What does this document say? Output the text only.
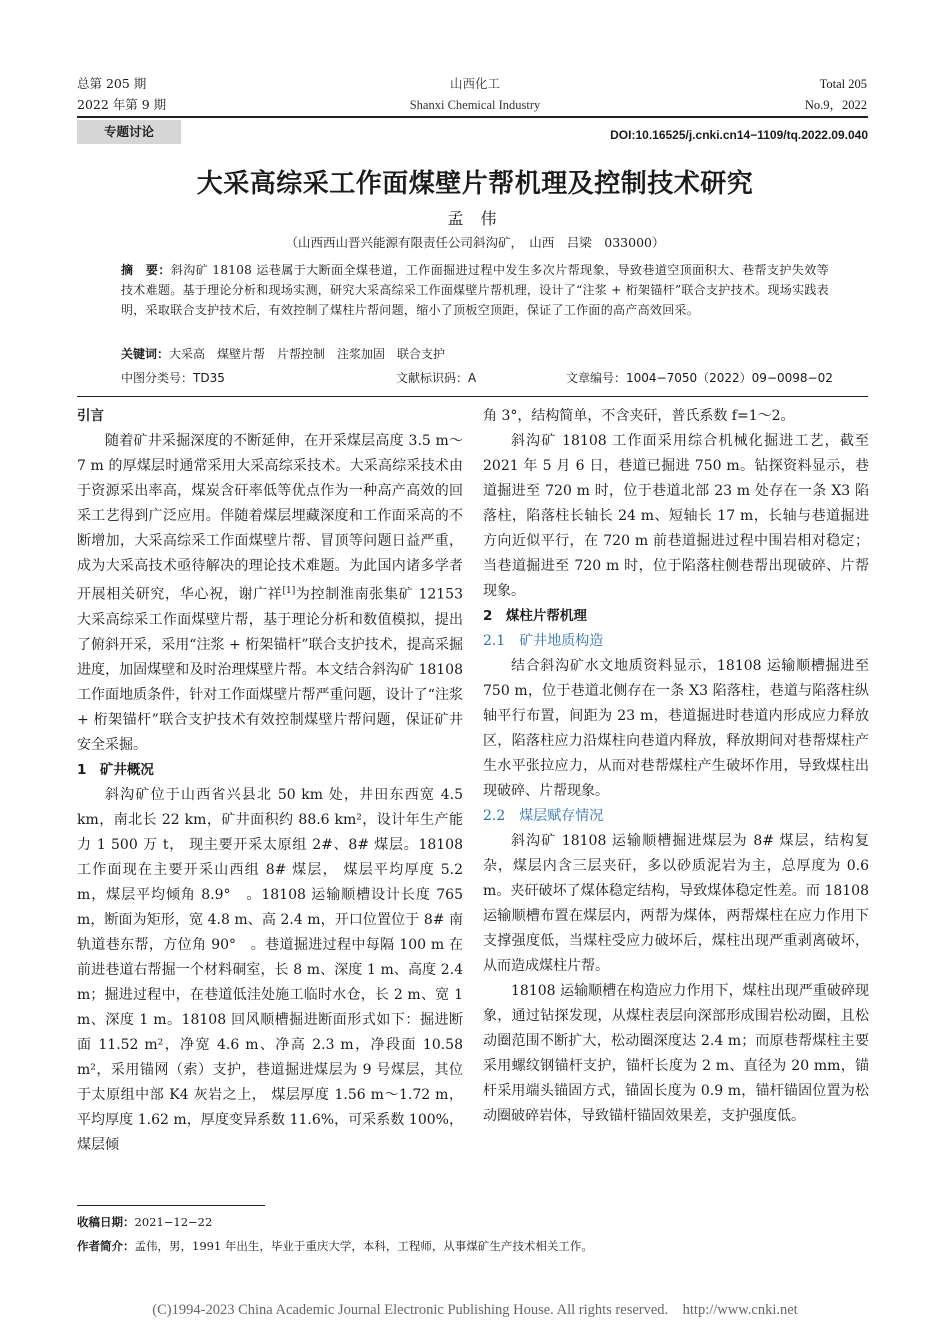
总第 205 期
2022 年第 9 期
山西化工
Shanxi Chemical Industry
Total 205
No.9，2022
专题讨论	DOI:10.16525/j.cnki.cn14−1109/tq.2022.09.040
大采高综采工作面煤壁片帮机理及控制技术研究
孟 伟
（山西西山晋兴能源有限责任公司斜沟矿，　山西　吕梁　033000）
摘　要：斜沟矿 18108 运巷属于大断面全煤巷道，工作面掘进过程中发生多次片帮现象，导致巷道空顶面积大、巷帮支护失效等技术难题。基于理论分析和现场实测，研究大采高综采工作面煤壁片帮机理，设计了“注浆 + 桁架锚杆”联合支护技术。现场实践表明，采取联合支护技术后，有效控制了煤柱片帮问题，缩小了顶板空顶距，保证了工作面的高产高效回采。
关键词：大采高　煤壁片帮　片帮控制　注浆加固　联合支护
中图分类号：TD35	文献标识码：A	文章编号：1004−7050（2022）09−0098−02
引言

随着矿井采掘深度的不断延伸，在开采煤层高度 3.5 m～7 m 的厚煤层时通常采用大采高综采技术。大采高综采技术由于资源采出率高，煤炭含矸率低等优点作为一种高产高效的回采工艺得到广泛应用。伴随着煤层埋藏深度和工作面采高的不断增加，大采高综采工作面煤壁片帮、冒顶等问题日益严重，成为大采高技术亟待解决的理论技术难题。为此国内诸多学者开展相关研究，华心祝，谢广祥[1]为控制淮南张集矿 12153 大采高综采工作面煤壁片帮，基于理论分析和数值模拟，提出了俯斜开采，采用“注浆 + 桁架锚杆”联合支护技术，提高采掘进度，加固煤壁和及时治理煤壁片帮。本文结合斜沟矿 18108 工作面地质条件，针对工作面煤壁片帮严重问题，设计了“注浆 + 桁架锚杆”联合支护技术有效控制煤壁片帮问题，保证矿井安全采掘。

1　矿井概况

斜沟矿位于山西省兴县北 50 km 处，井田东西宽 4.5 km，南北长 22 km，矿井面积约 88.6 km²，设计年生产能力 1 500 万 t， 现主要开采太原组 2#、8# 煤层。18108 工作面现在主要开采山西组 8# 煤层， 煤层平均厚度 5.2 m，煤层平均倾角 8.9°　。18108 运输顺槽设计长度 765 m，断面为矩形，宽 4.8 m、高 2.4 m，开口位置位于 8# 南轨道巷东帮，方位角 90°　。巷道掘进过程中每隔 100 m 在前进巷道右帮掘一个材料硐室，长 8 m、深度 1 m、高度 2.4 m；掘进过程中，在巷道低洼处施工临时水仓，长 2 m、宽 1 m、深度 1 m。18108 回风顺槽掘进断面形式如下：掘进断面 11.52 m²，净宽 4.6 m、净高 2.3 m，净段面 10.58 m²，采用锚网（索）支护，巷道掘进煤层为 9 号煤层，其位于太原组中部 K4 灰岩之上， 煤层厚度 1.56 m～1.72 m， 平均厚度 1.62 m，厚度变异系数 11.6%，可采系数 100%，煤层倾

角 3°，结构简单，不含夹矸，普氏系数 f=1～2。

斜沟矿 18108 工作面采用综合机械化掘进工艺，截至 2021 年 5 月 6 日，巷道已掘进 750 m。钻探资料显示，巷道掘进至 720 m 时，位于巷道北部 23 m 处存在一条 X3 陷落柱，陷落柱长轴长 24 m、短轴长 17 m，长轴与巷道掘进方向近似平行，在 720 m 前巷道掘进过程中围岩相对稳定；当巷道掘进至 720 m 时，位于陷落柱侧巷帮出现破碎、片帮现象。

2　煤柱片帮机理
2.1　矿井地质构造

结合斜沟矿水文地质资料显示，18108 运输顺槽掘进至 750 m，位于巷道北侧存在一条 X3 陷落柱，巷道与陷落柱纵轴平行布置，间距为 23 m，巷道掘进时巷道内形成应力释放区，陷落柱应力沿煤柱向巷道内释放，释放期间对巷帮煤柱产生水平张拉应力，从而对巷帮煤柱产生破坏作用，导致煤柱出现破碎、片帮现象。

2.2　煤层赋存情况

斜沟矿 18108 运输顺槽掘进煤层为 8# 煤层，结构复杂，煤层内含三层夹矸，多以砂质泥岩为主，总厚度为 0.6 m。夹矸破坏了煤体稳定结构，导致煤体稳定性差。而 18108 运输顺槽布置在煤层内，两帮为煤体，两帮煤柱在应力作用下支撑强度低，当煤柱受应力破坏后，煤柱出现严重剥离破坏，从而造成煤柱片帮。

18108 运输顺槽在构造应力作用下，煤柱出现严重破碎现象，通过钻探发现，从煤柱表层向深部形成围岩松动圈，且松动圈范围不断扩大，松动圈深度达 2.4 m；而原巷帮煤柱主要采用螺纹钢锚杆支护，锚杆长度为 2 m、直径为 20 mm，锚杆采用端头锚固方式，锚固长度为 0.9 m，锚杆锚固位置为松动圈破碎岩体，导致锚杆锚固效果差，支护强度低。

收稿日期：2021−12−22
作者简介：孟伟，男，1991 年出生，毕业于重庆大学，本科，工程师，从事煤矿生产技术相关工作。
(C)1994-2023 China Academic Journal Electronic Publishing House. All rights reserved.　http://www.cnki.net
